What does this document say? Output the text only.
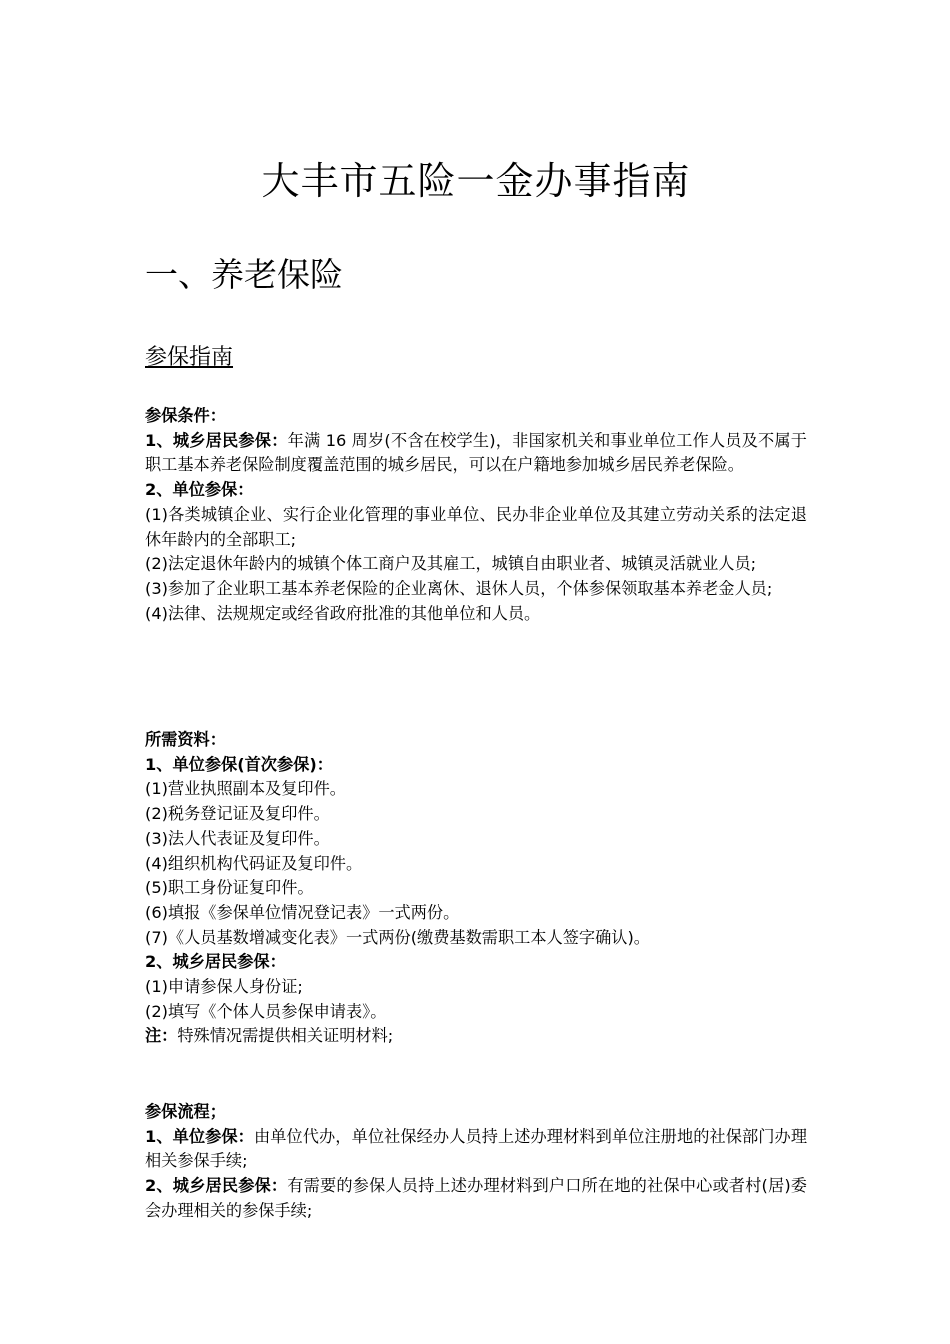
大丰市五险一金办事指南
一、养老保险
参保指南

参保条件：

1、城乡居民参保：年满 16 周岁(不含在校学生)，非国家机关和事业单位工作人员及不属于职工基本养老保险制度覆盖范围的城乡居民，可以在户籍地参加城乡居民养老保险。

2、单位参保：

(1)各类城镇企业、实行企业化管理的事业单位、民办非企业单位及其建立劳动关系的法定退休年龄内的全部职工;

(2)法定退休年龄内的城镇个体工商户及其雇工，城镇自由职业者、城镇灵活就业人员;

(3)参加了企业职工基本养老保险的企业离休、退休人员，个体参保领取基本养老金人员;

(4)法律、法规规定或经省政府批准的其他单位和人员。

所需资料：

1、单位参保(首次参保)：

(1)营业执照副本及复印件。

(2)税务登记证及复印件。

(3)法人代表证及复印件。

(4)组织机构代码证及复印件。

(5)职工身份证复印件。

(6)填报《参保单位情况登记表》一式两份。

(7)《人员基数增减变化表》一式两份(缴费基数需职工本人签字确认)。

2、城乡居民参保：

(1)申请参保人身份证;

(2)填写《个体人员参保申请表》。

注：特殊情况需提供相关证明材料;

参保流程；

1、单位参保：由单位代办，单位社保经办人员持上述办理材料到单位注册地的社保部门办理相关参保手续;

2、城乡居民参保：有需要的参保人员持上述办理材料到户口所在地的社保中心或者村(居)委会办理相关的参保手续;
